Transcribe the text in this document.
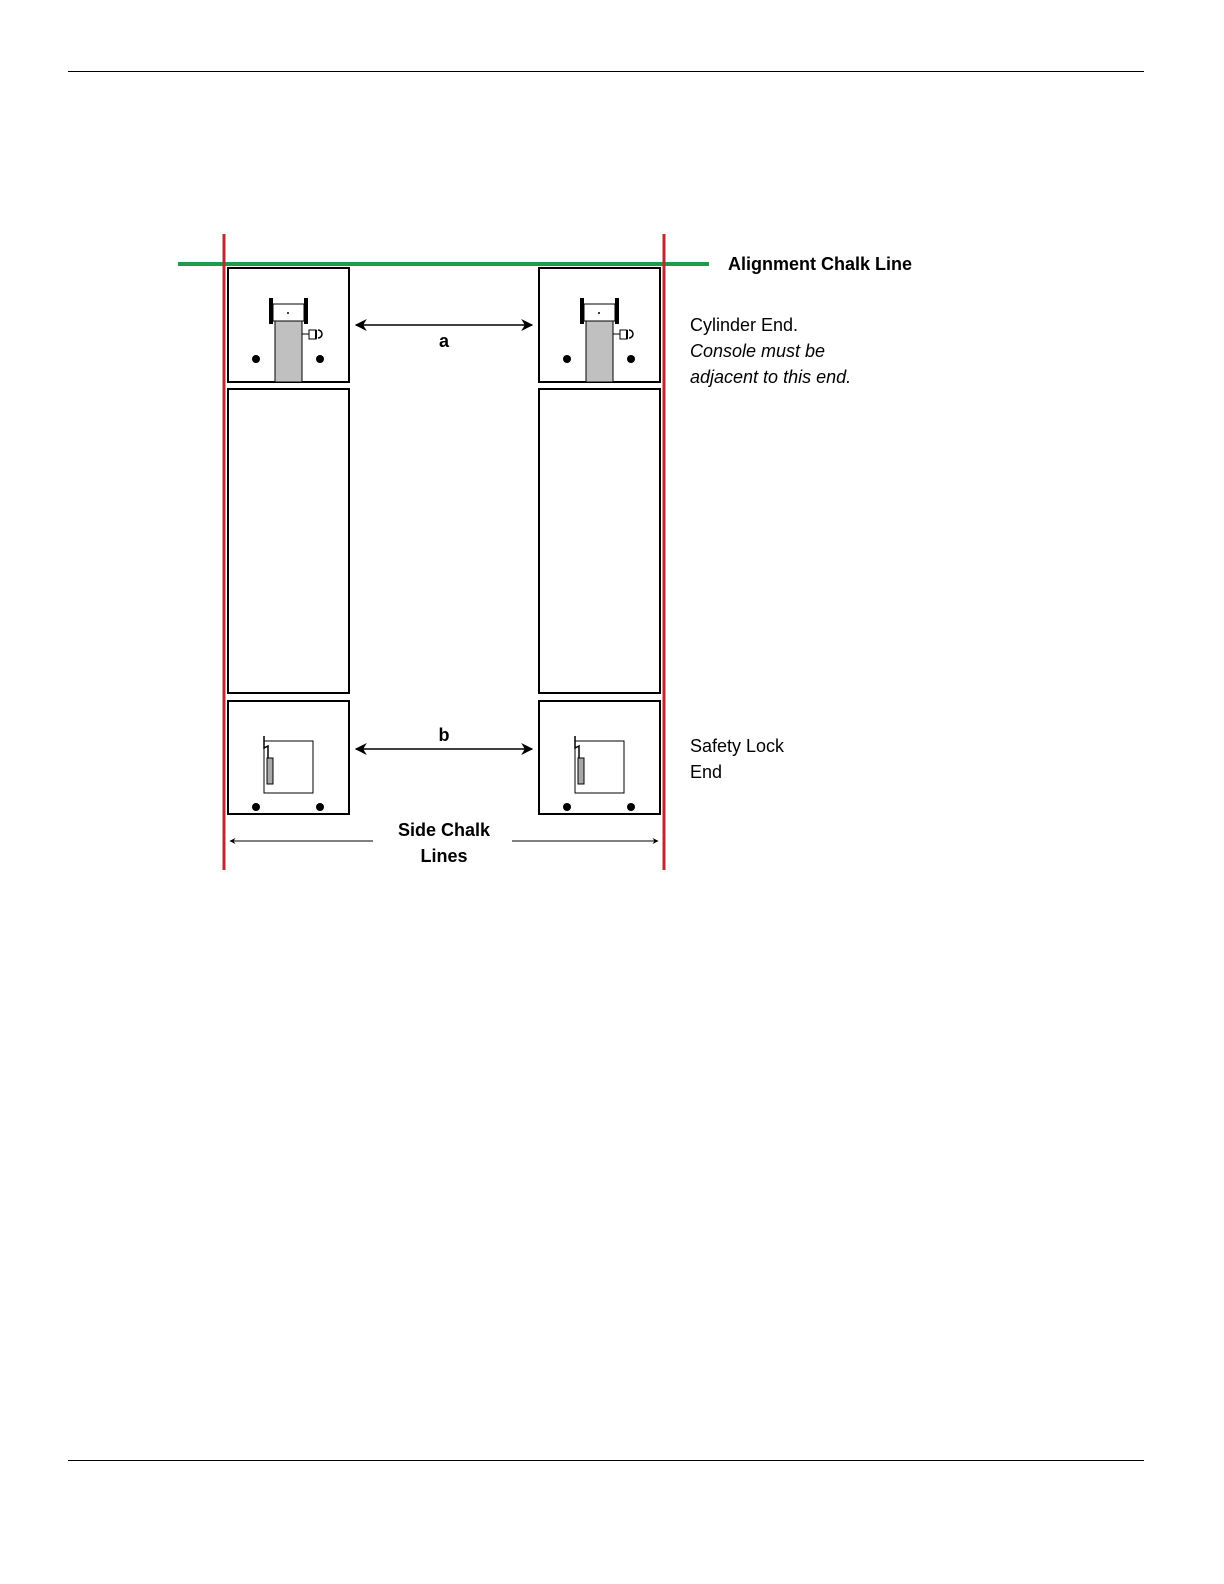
Alignment Chalk Line
a
b
Cylinder End.
Console must be
adjacent to this end.
Safety Lock
End
Side Chalk
Lines
